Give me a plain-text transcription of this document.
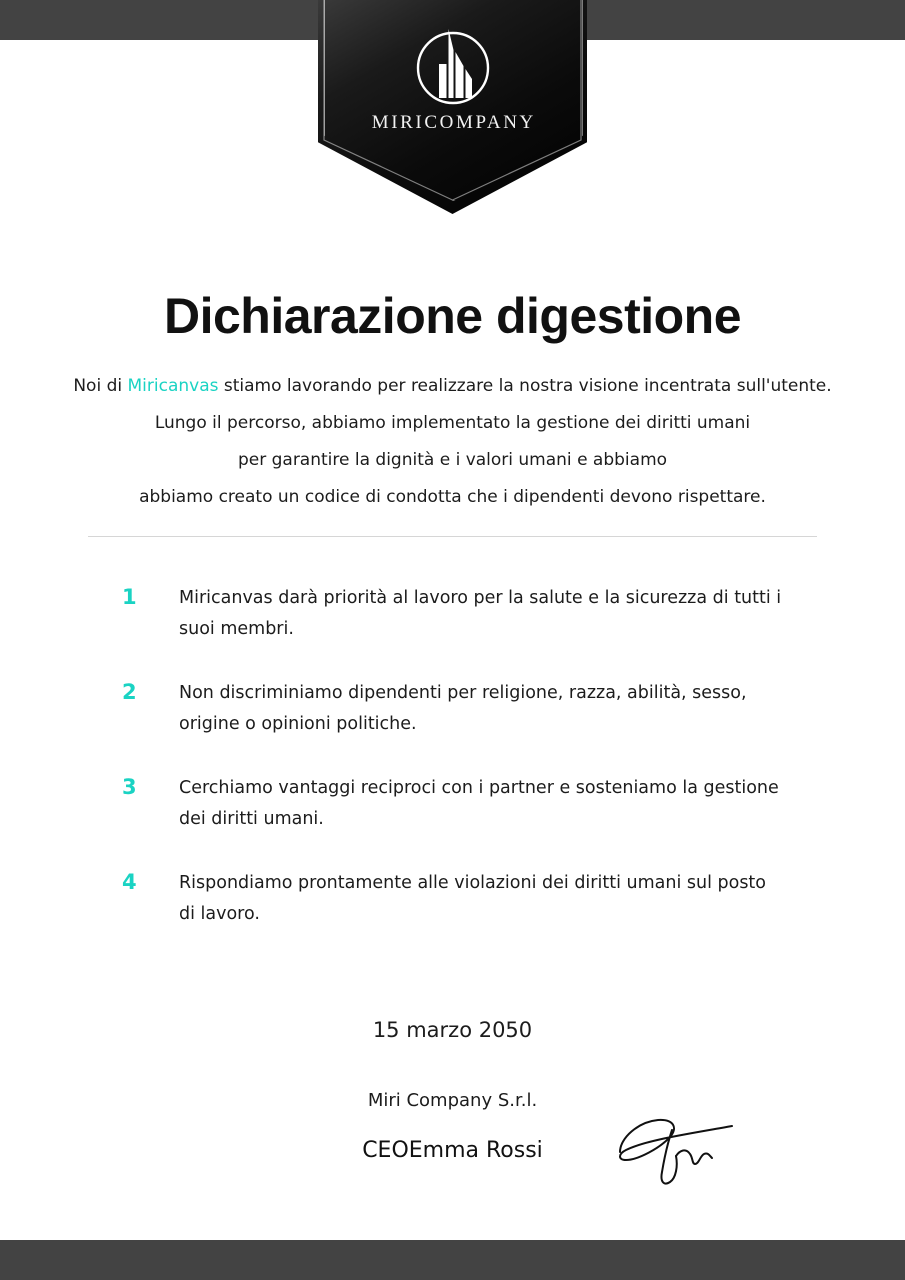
MIRICOMPANY
Dichiarazione digestione
Noi di Miricanvas stiamo lavorando per realizzare la nostra visione incentrata sull'utente.
Lungo il percorso, abbiamo implementato la gestione dei diritti umani
per garantire la dignità e i valori umani e abbiamo
abbiamo creato un codice di condotta che i dipendenti devono rispettare.
1	Miricanvas darà priorità al lavoro per la salute e la sicurezza di tutti i suoi membri.
2	Non discriminiamo dipendenti per religione, razza, abilità, sesso, origine o opinioni politiche.
3	Cerchiamo vantaggi reciproci con i partner e sosteniamo la gestione dei diritti umani.
4	Rispondiamo prontamente alle violazioni dei diritti umani sul posto di lavoro.
15 marzo 2050
Miri Company S.r.l.
CEOEmma Rossi
